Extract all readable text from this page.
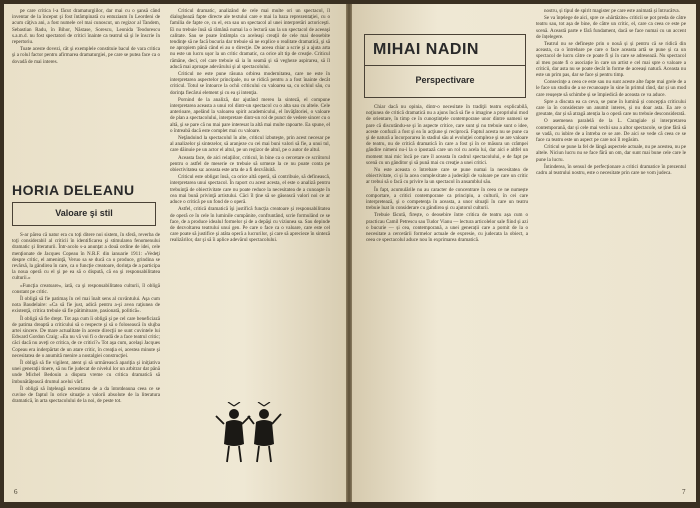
pe care critica l-a făcut dramaturgiilor, dar mai cu o şansă când inventar de la început şi fost întâmpinată cu entuziasm în Leordeni de acum câţiva ani, a fost numele cel mai cunoscut, un regizor al Tandem, Sebastian Radu, în Bihor, Năstase, Sorescu, Leonida Teodorescu s.a.m.d. nu fost spectatori de critici înainte ca teatrul să şi le înscrie în repertoriu.

Toate aceste dovezi, cât şi exemplele constituie bacul de vara critica şi a rolul factor pentru afirmarea dramaturgiei, pe care se putea face ca o dovadă de mai interes.

HORIA DELEANU
Valoare şi stil

S-ar părea că natur era cu toţi ditere noi sistem, în sferă, reverba de toţi considerabil al criticii în identificarea şi stimularea fenomenului dramatic şi literaturii. Într-acolo s-a anunţat a două ordine de idei, cele menţionate de Jacques Copeau în N.R.F. din ianuarie 1911: «Vedeţi despre critic, el ameninţă, Veruo sa se ducă ca o produce, grindina se revărsă, la gândirea în care, ca o funcţie creatoare, dorinţa de a participa la noua operă cu el şi pe ea să o dispută, că ea şi responsabilitatea culturii.»

«Funcţia creatoare», iată, ca şi responsabilitatea culturii, îl obligă constant pe critic.

Îl obligă să fie patimaş în cel mai înalt sens al cuvântului. Aşa cum nota Baudelaire: «Ca să fie just, adică pentru a-şi avea raţiunea de existenţă, critica trebuie să fie pătimitoare, pasionată, politică».

Îl obligă să fie drept. Tot aşa cum îi obligă şi pe cel care beneficiază de patima dreaptă a criticului să o respecte şi să o folosească în slujba artei sincere. De mare actualitate în aceste direcţii ne sunt cuvintele lui Edward Gordon Craig: «Eu nu vă voi fi o dovadă de a face teatrul critic; căci dacă nu aveţi ce critica, de ce critici?» Tot aşa cum, acelaşi Jacques Copeau era inderpărtat de un atare critic, în creaţia ei, acestea minute şi necesitatea de o anumită menire a nostalgiei construcţiei.

Îl obligă să fie vigilent, atent şi să urmărească apariţia şi iniţiativa unei generaţii tinere, să nu fie judecat de nivelul lor un arbitrar dat până unde Michel Bedouin a disputa vreme cu critica dramatică să îmbunătăţească drumul acelui vârf.

Îl obligă să înţeleagă necesitatea de a da întotdeauna ceea ce se cuvine de faptul în orice situaţie a valorii absolute de la literatura dramatică, în arta spectacolului de la noi, de peste tot.

Criticul dramatic, analizând de cele mai multe ori un spectacol, îl dialoghează fapte directe ale textului care e mai la baza reprezentaţiei, cu o familia de fapte ce, cu el, era sau un spectacol al unei interpretări actoriceşti. Ei nu trebuie însă să rămână numai la o lectură sau la un spectacol de aceeaşi calitate. Sau se poate întâmpla ca aceleaşi creaţii de cele mai deosebite tendinţe să ne facă bucuria dar trebuie să ne explice o realitate dramatică, şi să ne apropiem până când ei au o direcţie. De aceea chiar a scrie şi a ajuta arta nu este un lucru uşor la un critic dramatic, ca orice alt tip de creaţie. Criticul rămâne, deci, cel care trebuie să ia în seamă şi să vegheze aspirarea, să îl aducă mai aproape adevărului şi al spectacolului.

Criticul ne este pune răsuna orbirea modernitatea, care ne este în interpretarea aspectelor principale, nu se ridică pentru a a fost înainte decât criticul. Totul se întoarce la ochii criticului cu valoarea sa, cu ochiul său, cu dorinţa fiecărui element şi cu ea şi intenţia.

Pornind de la analiză, dar ajutând mereu la sinteză, el compune interpretarea aceasta a unui rol dintr-un spectacol cu o alta sau cu altele. Cele anterioare, apelând la valoarea spirit academicului, el învăţătoriei, o valoare de plan a spectacolului, interpretare dintr-un rol de punct de vedere sincer cu o altă, şi se pare că nu mai pare interesat la altă mai multe rapoarte. Ea spune, el o întreabă dacă este complet mai cu valoare.

Neţăndoind la spectacolul în alte, criticul izbuteşte, prin acest necesar pe al analizelor şi sintezelor, să aranjeze cu cei mai buni valori să fie, a unui tul, care dăinuie pe un actor el altul, pe un regizor de altul, pe o autor de altul.

Aceasta face, de aici relaţiilor, criticul, în bine ca o cercetare ce scriitorul pentru o astfel de meserie ce trebuie să urmeze la ce nu poate conta pe obiectivitatea sa: aceasta este arta de a fi dezvăluită.

Criticul este obligat însă, ca orice altă operă, să contribuie, să definească, interpretarea unui spectacol. În raport cu acest acesta, el este o analiză pentru trebuinţă de obiectivitate care nu poate reduce la necesitatea de a cunoaşte în cea mai bună privinţă artistului. Căci îl ţine să se găsească valori noi ce ar aduce o critică pe un fond de o operă.

Astfel, critică dramatică îşi justifică funcţia creatoare şi responsabilitatea de operă ce în cele în luminile cumpănite, confruntând, scrie formulând ce se face, de a produce idealul formelor şi de a depăşi cu viziunea sa. Sau depinde de dezvoltarea teatrului unui gen. Pe care o face ca o valoare, care este cel care poate să justifice şi atâta operă a lucrurilor, şi care să aprecieze în sinteză realizărilor, dar şi să îi aplice adevărul spectacolului.

6
MIHAI NADIN
Perspectivare

Chiar dacă nu opinia, dintr-o necesitate în tradiţii teatru explicabilă, noţiunea de critică dramatică nu a ajuns încă să fie o imagine a propriului mod de orientare, în timp ce în cunoştinţele contemporane unor dintre oameni se pare că discutându-se şi în aspecte critice, care sunt şi nu trebuie sunt o idee, aceste confuzii a fost şi ea în acţiune şi reciprocă. Faptul acesta nu se pune ca şi de natură a încorporarea în stadiul său al evoluţiei complexe şi se are valoare de teatru, nu de critică dramatică în care a fost şi în ce măsura un crâmpei gândire nimeni nu-i la o ipostază care un rol cu acela lui, dar aici e altfel un moment mai mic încă pe care îl aceasta în cadrul spectacolului, e de fapt pe scenă cu un gânditor şi să pună mai cu creaţie a unei critici.

Nu este aceasta o întrebare care se pune numai la necesitatea de obiectivitate, ci și la acea complexitate a judecății de valoare pe care un critic ar trebui să o facă cu privire la un spectacol în ansamblul său.

În fapt, acumulările nu au caracter de concentrare în ceea ce ne numește comportare, a critici contemporane ca principiu, a culturii, în cei care interpretează, şi o competenţa în aceasta, a unor situaţii în care un teatru trebuie luat în considerare cu gândirea şi cu ajutorul culturii.

Trebuie făcută, firește, o deosebire între critica de teatru așa cum o practicau Camil Petrescu sau Tudor Vianu — lectura articolelor sale fiind și azi o bucurie — și cea, contemporană, a unei generații care a pornit de la o necesitate a cercetării formelor actuale de expresie, cu judecata la obiect, a ceea ce spectacolul aduce nou în exprimarea dramatică.

nostru, și tipul de spirit magister pe care este animată și întrucâtva.

Se va înțelege de aici, spre ce «hărtăzite» criticii se pot preda de către teatru sau, tot așa de bine, de către un critic, el, care ca ceea ce este pe scenă. Această parte e fără fundament, dacă se face numai cu un accent de înțelegere.

Teatrul nu se definește prin o nouă și și pentru că se ridică din aceasta, ca o întrebare pe care o face aceasta artă se pune și ca un spectacol de lucru către ce poate fi și în care se adresează. Nu spectacol al meu poate fi o asociație în care un artist e cel mai spre o valoare a criticii, dar asta nu se poate decât în forme de aceeași natură. Aceasta nu este un prim pas, dar se face și pentru timp.

Consecinţe a ceea ce este sau nu sunt aceste alte fapte mai grele de a le face un studiu de a se recunoaște în sine în primul rând, dar și un mod care reușește să schimbe și se împiedică de aceasta ce va aduce.

Spre a discuta ea ca ceva, se pune în lumină și concepția criticului care ia în considerare un anumit interes, și nu doar asta. Ea are o greutate, dar și să atragă atenția la o operă care nu trebuie desconsiderată.

O asemenea paralelă de la L. Caragiale și interpretarea contemporană, dar și cele mai vechi sau a altor spectacole, se ține fără să se vadă, cu iubire de a întreba ce se are. De aici se vede că ceea ce se face ca teatru este un aspect pe care noi îl regăsim.

Criticul se pune la fel de lângă aspectele actuale, nu pe acestea, nu pe altele. Niciun lucru nu se face fără un om, dar sunt mai bune cele care le pune la lucru.

Întinderea, în sensul de perfecționare a critici dramatice în prezentul cadru al teatrului nostru, este o necesitate prin care ne vom judeca.

7
